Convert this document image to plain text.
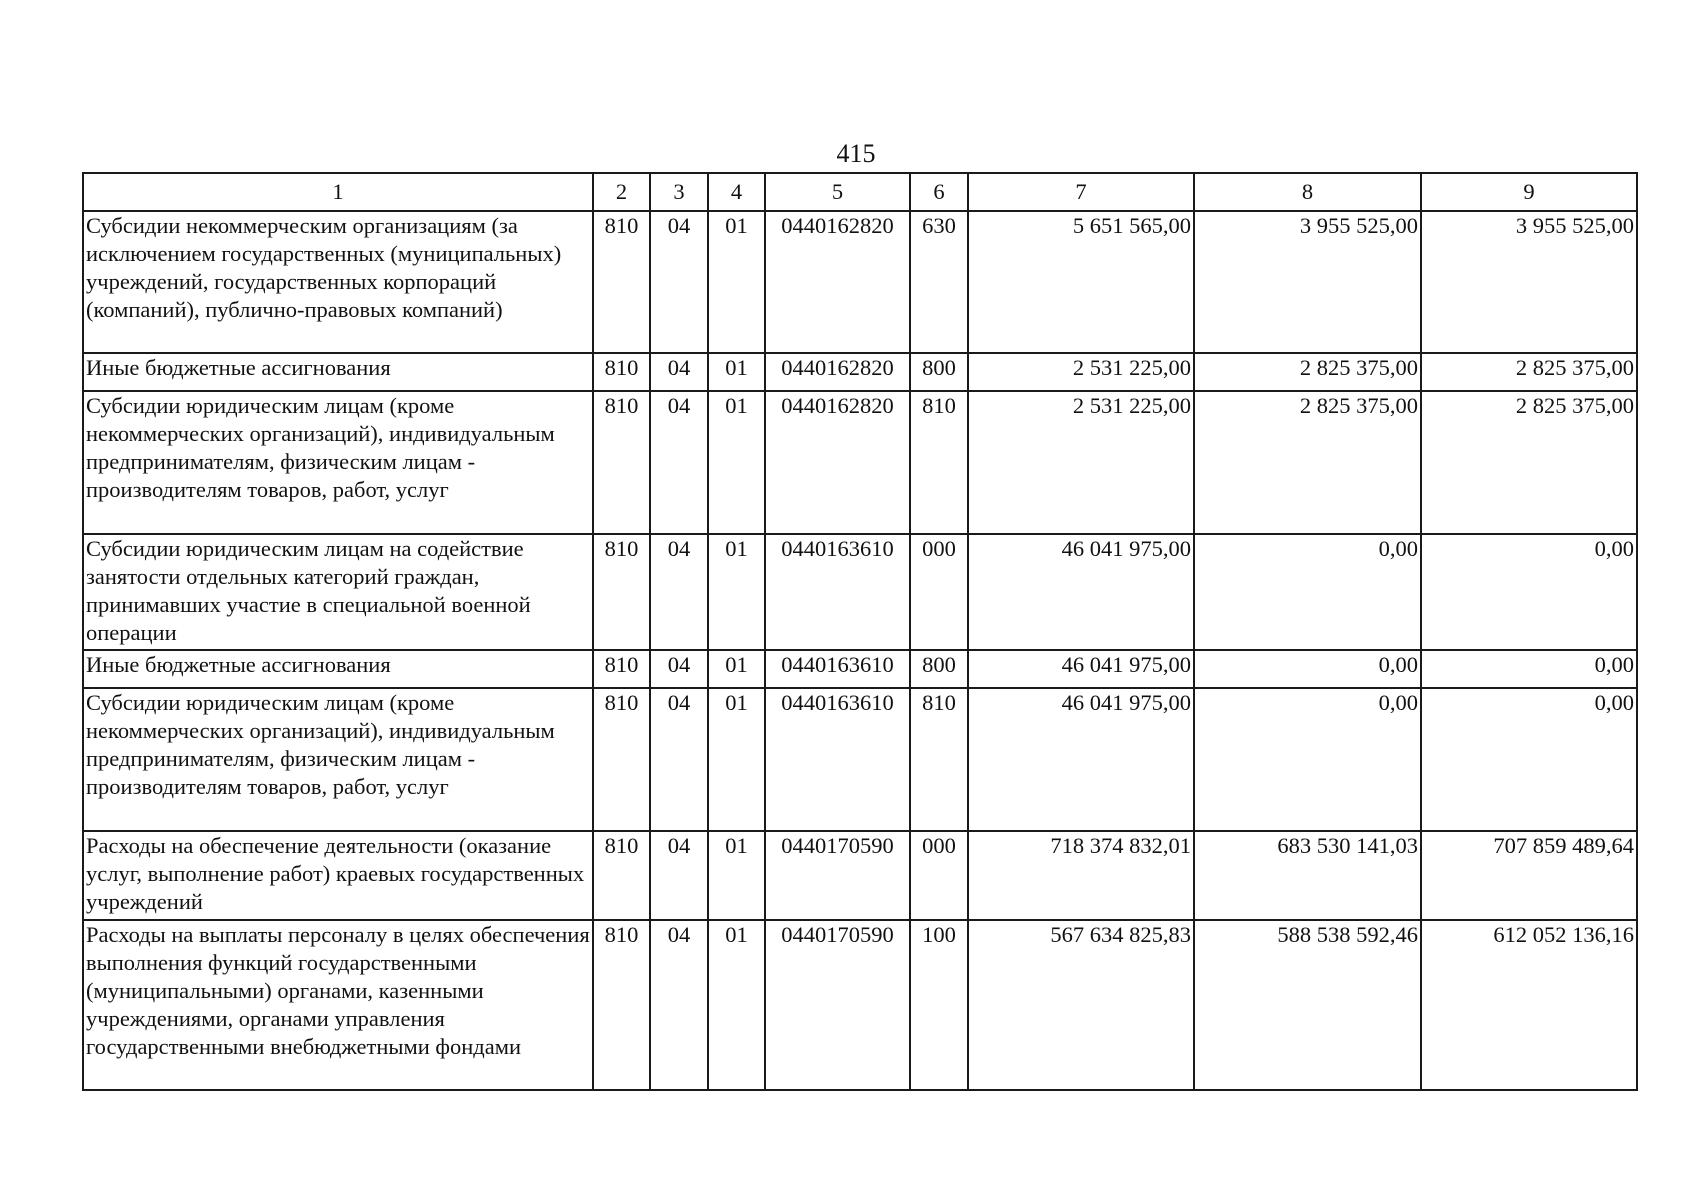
415
1	2	3	4	5	6	7	8	9
Субсидии некоммерческим организациям (за исключением государственных (муниципальных) учреждений, государственных корпораций (компаний), публично-правовых компаний)	810	04	01	0440162820	630	5 651 565,00	3 955 525,00	3 955 525,00
Иные бюджетные ассигнования	810	04	01	0440162820	800	2 531 225,00	2 825 375,00	2 825 375,00
Субсидии юридическим лицам (кроме некоммерческих организаций), индивидуальным предпринимателям, физическим лицам - производителям товаров, работ, услуг	810	04	01	0440162820	810	2 531 225,00	2 825 375,00	2 825 375,00
Субсидии юридическим лицам на содействие занятости отдельных категорий граждан, принимавших участие в специальной военной операции	810	04	01	0440163610	000	46 041 975,00	0,00	0,00
Иные бюджетные ассигнования	810	04	01	0440163610	800	46 041 975,00	0,00	0,00
Субсидии юридическим лицам (кроме некоммерческих организаций), индивидуальным предпринимателям, физическим лицам - производителям товаров, работ, услуг	810	04	01	0440163610	810	46 041 975,00	0,00	0,00
Расходы на обеспечение деятельности (оказание услуг, выполнение работ) краевых государственных учреждений	810	04	01	0440170590	000	718 374 832,01	683 530 141,03	707 859 489,64
Расходы на выплаты персоналу в целях обеспечения выполнения функций государственными (муниципальными) органами, казенными учреждениями, органами управления государственными внебюджетными фондами	810	04	01	0440170590	100	567 634 825,83	588 538 592,46	612 052 136,16
